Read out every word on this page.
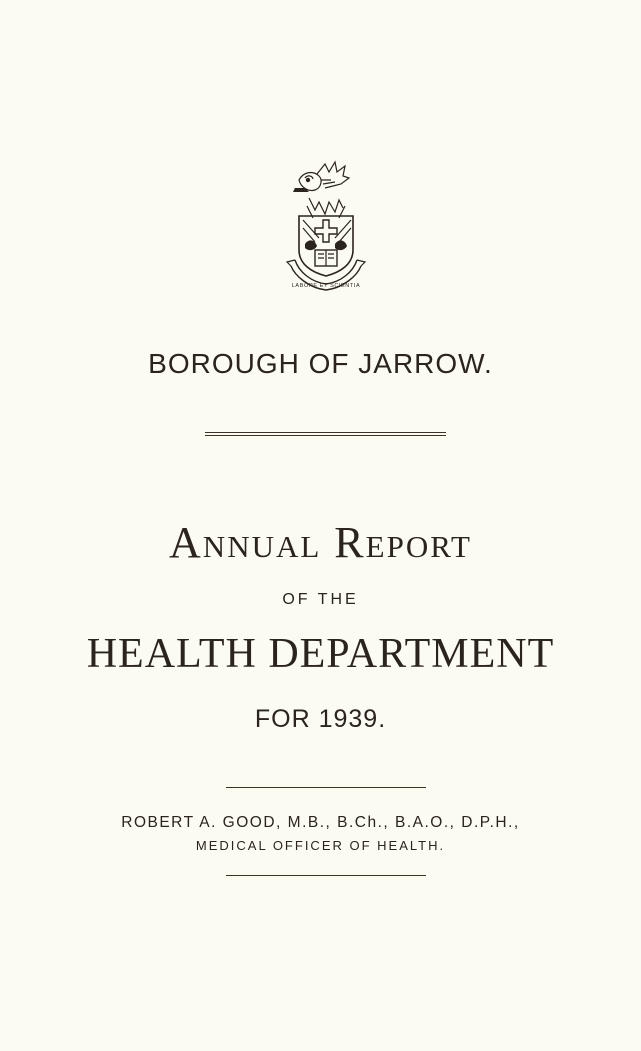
LABORE ET SCIENTIA
BOROUGH OF JARROW.
Annual Report
OF THE
HEALTH DEPARTMENT
FOR 1939.
ROBERT A. GOOD, M.B., B.Ch., B.A.O., D.P.H.,
MEDICAL OFFICER OF HEALTH.
